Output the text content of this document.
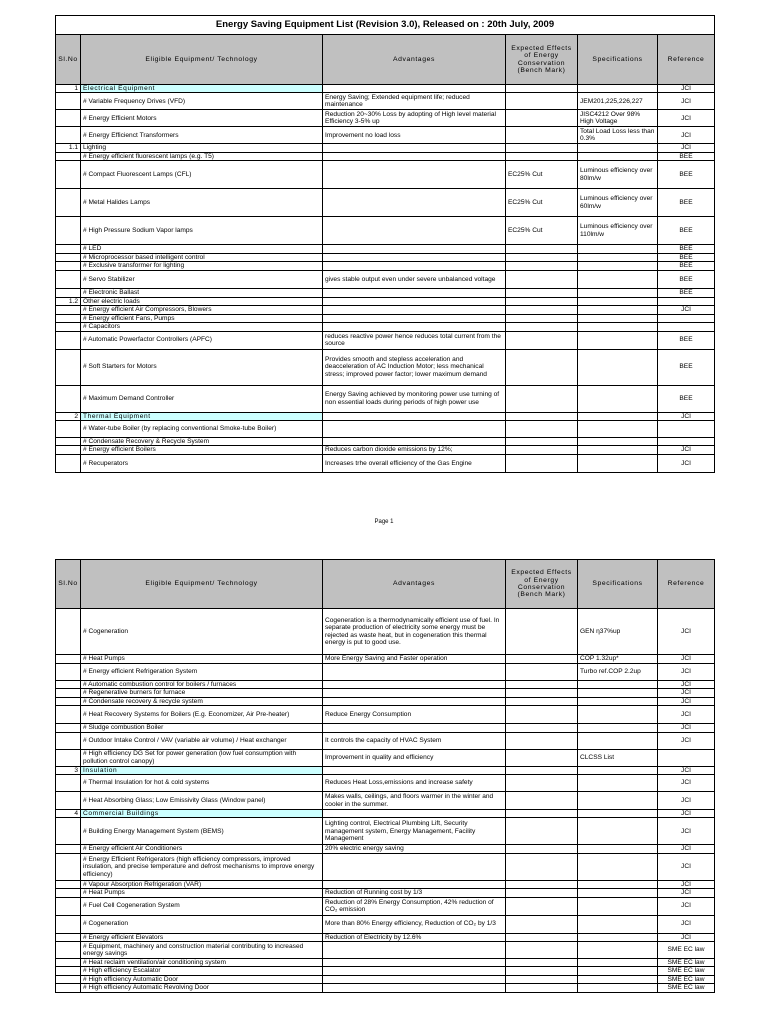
Energy Saving Equipment List (Revision 3.0), Released on : 20th July, 2009					
Sl.No	Eligible Equipment/ Technology	Advantages	Expected Effects of Energy Conservation (Bench Mark)	Specifications	Reference
1	Electrical Equipment				JCI
	# Variable Frequency Drives (VFD)	Energy Saving; Extended equipment life; reduced maintenance		JEM201,225,226,227	JCI
	# Energy Efficient Motors	Reduction 20~30% Loss by adopting of High level material Efficiency 3-5% up		JISC4212 Over 98% High Voltage	JCI
	# Energy Efficienct Transformers	Improvement no load loss		Total Load Loss less than 0.3%	JCI
1.1	Lighting				JCI
	# Energy efficient fluorescent lamps (e.g. T5)				BEE
	# Compact Fluorescent Lamps (CFL)		EC25% Cut	Luminous efficiency over 80lm/w	BEE
	# Metal Halides Lamps		EC25% Cut	Luminous efficiency over 60lm/w	BEE
	# High Pressure Sodium Vapor lamps		EC25% Cut	Luminous efficiency over 110lm/w	BEE
	# LED				BEE
	# Microprocessor based intelligent control				BEE
	# Exclusive transformer for lighting				BEE
	# Servo Stabilizer	gives stable output even under severe unbalanced voltage			BEE
	# Electronic Ballast				BEE
1.2	Other electric loads				
	# Energy efficient Air Compressors, Blowers				JCI
	# Energy efficient Fans, Pumps				
	# Capacitors				
	# Automatic Powerfactor Controllers (APFC)	reduces reactive power hence reduces total current from the source			BEE
	# Soft Starters for Motors	Provides smooth and stepless acceleration and deacceleration of AC Induction Motor; less mechanical stress; improved power factor; lower maximum demand			BEE
	# Maximum Demand Controller	Energy Saving achieved by monitoring power use turning of non essential loads during periods of high power use			BEE
2	Thermal Equipment				JCI
	# Water-tube Boiler (by replacing conventional Smoke-tube Boiler)				
	# Condensate Recovery & Recycle System				
	# Energy efficient Boilers	Reduces carbon dioxide emissions by 12%;			JCI
	# Recuperators	Increases trhe overall efficiency of the Gas Engine			JCI
Page 1
Sl.No	Eligible Equipment/ Technology	Advantages	Expected Effects of Energy Conservation (Bench Mark)	Specifications	Reference
	# Cogeneration	Cogeneration is a thermodynamically efficient use of fuel. In separate production of electricity some energy must be rejected as waste heat, but in cogeneration this thermal energy is put to good use.		GEN η37%up	JCI
	# Heat Pumps	More Energy Saving and Faster operation		COP 1.32up*	JCI
	# Energy efficient Refrigeration System			Turbo ref.COP 2.2up	JCI
	# Automatic combustion control for boilers / furnaces				JCI
	# Regenerative burners for furnace				JCI
	# Condensate recovery & recycle system				JCI
	# Heat Recovery Systems for Boilers (E.g. Economizer, Air Pre-heater)	Reduce Energy Consumption			JCI
	# Sludge combustion Boiler				JCI
	# Outdoor Intake Control / VAV (variable air volume) / Heat exchanger	It controls the capacity of HVAC System			JCI
	# High efficiency DG Set for power generation (low fuel consumption with pollution control canopy)	Improvement in quality and efficiency		CLCSS List	
3	Insulation				JCI
	# Thermal Insulation for hot & cold systems	Reduces Heat Loss,emissions and increase safety			JCI
	# Heat Absorbing Glass; Low Emissivity Glass (Window panel)	Makes walls, ceilings, and floors warmer in the winter and cooler in the summer.			JCI
4	Commercial Buildings				JCI
	# Building Energy Management System (BEMS)	Lighting control, Electrical Plumbing Lift, Security management system, Energy Management, Facility Management			JCI
	# Energy efficient Air Conditioners	20% electric energy saving			JCI
	# Energy Efficient Refrigerators (high efficiency compressors, improved insulation, and precise temperature and defrost mechanisms to improve energy efficiency)				JCI
	# Vapour Absorption Refrigeration (VAR)				JCI
	# Heat Pumps	Reduction of Running cost by 1/3			JCI
	# Fuel Cell Cogeneration System	Reduction of 28% Energy Consumption, 42% reduction of CO₂ emission			JCI
	# Cogeneration	More than 80% Energy efficiency, Reduction of CO₂ by 1/3			JCI
	# Energy efficient Elevators	Reduction of Electricity by 12.6%			JCI
	# Equipment, machinery and construction material contributing to increased energy savings				SME EC law
	# Heat reclaim ventilation/air conditioning system				SME EC law
	# High efficiency Escalator				SME EC law
	# High efficiency Automatic Door				SME EC law
	# High efficiency Automatic Revolving Door				SME EC law
